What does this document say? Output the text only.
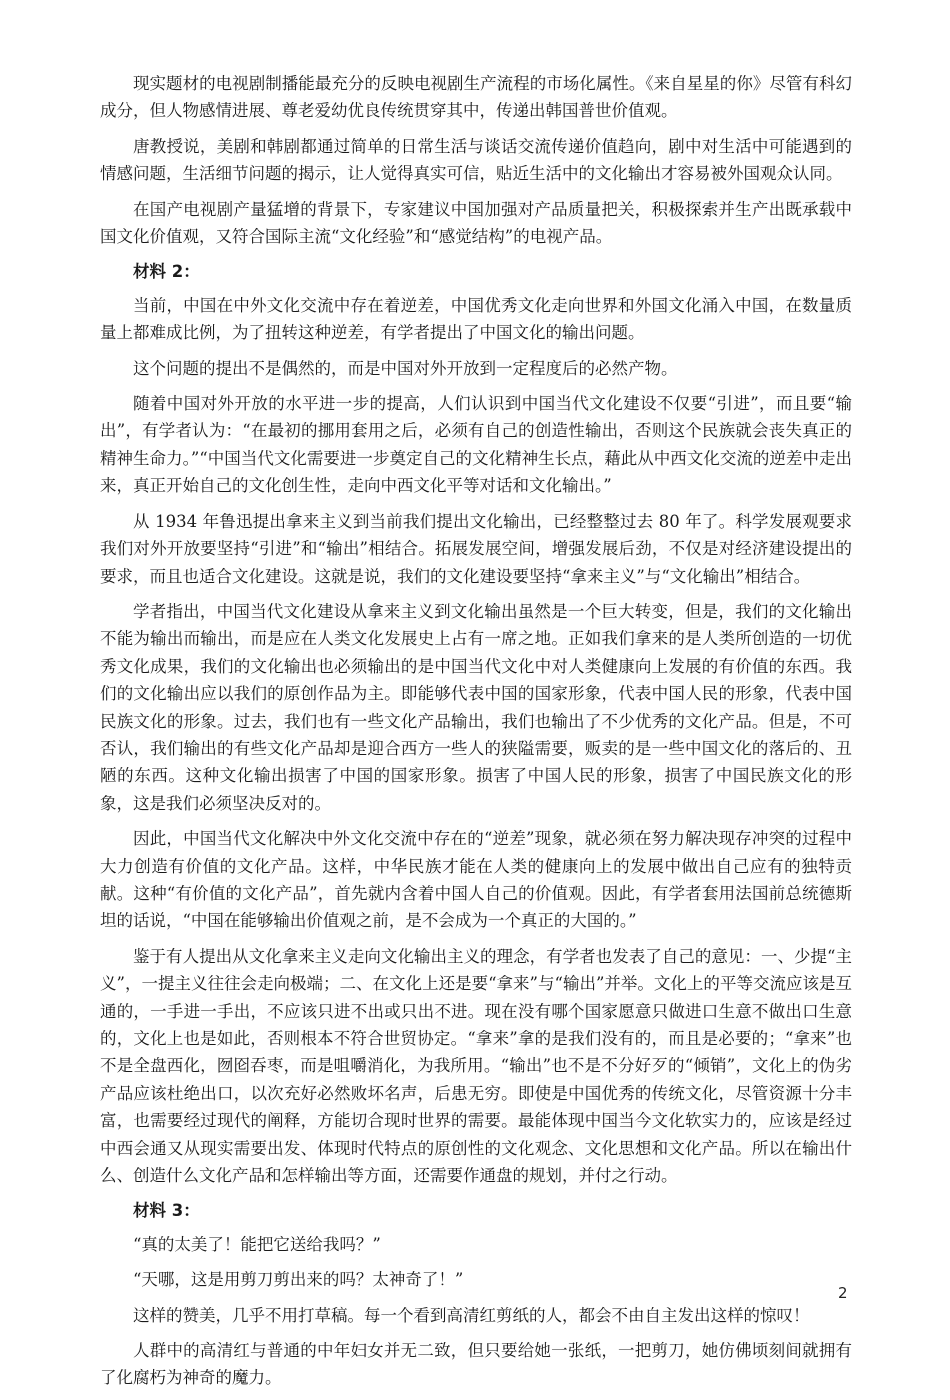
现实题材的电视剧制播能最充分的反映电视剧生产流程的市场化属性。《来自星星的你》尽管有科幻成分，但人物感情进展、尊老爱幼优良传统贯穿其中，传递出韩国普世价值观。

唐教授说，美剧和韩剧都通过简单的日常生活与谈话交流传递价值趋向，剧中对生活中可能遇到的情感问题，生活细节问题的揭示，让人觉得真实可信，贴近生活中的文化输出才容易被外国观众认同。

在国产电视剧产量猛增的背景下，专家建议中国加强对产品质量把关，积极探索并生产出既承载中国文化价值观，又符合国际主流“文化经验”和“感觉结构”的电视产品。

材料 2：

当前，中国在中外文化交流中存在着逆差，中国优秀文化走向世界和外国文化涌入中国，在数量质量上都难成比例，为了扭转这种逆差，有学者提出了中国文化的输出问题。

这个问题的提出不是偶然的，而是中国对外开放到一定程度后的必然产物。

随着中国对外开放的水平进一步的提高，人们认识到中国当代文化建设不仅要“引进”，而且要“输出”，有学者认为：“在最初的挪用套用之后，必须有自己的创造性输出，否则这个民族就会丧失真正的精神生命力。”“中国当代文化需要进一步奠定自己的文化精神生长点，藉此从中西文化交流的逆差中走出来，真正开始自己的文化创生性，走向中西文化平等对话和文化输出。”

从 1934 年鲁迅提出拿来主义到当前我们提出文化输出，已经整整过去 80 年了。科学发展观要求我们对外开放要坚持“引进”和“输出”相结合。拓展发展空间，增强发展后劲，不仅是对经济建设提出的要求，而且也适合文化建设。这就是说，我们的文化建设要坚持“拿来主义”与“文化输出”相结合。

学者指出，中国当代文化建设从拿来主义到文化输出虽然是一个巨大转变，但是，我们的文化输出不能为输出而输出，而是应在人类文化发展史上占有一席之地。正如我们拿来的是人类所创造的一切优秀文化成果，我们的文化输出也必须输出的是中国当代文化中对人类健康向上发展的有价值的东西。我们的文化输出应以我们的原创作品为主。即能够代表中国的国家形象，代表中国人民的形象，代表中国民族文化的形象。过去，我们也有一些文化产品输出，我们也输出了不少优秀的文化产品。但是，不可否认，我们输出的有些文化产品却是迎合西方一些人的狭隘需要，贩卖的是一些中国文化的落后的、丑陋的东西。这种文化输出损害了中国的国家形象。损害了中国人民的形象，损害了中国民族文化的形象，这是我们必须坚决反对的。

因此，中国当代文化解决中外文化交流中存在的“逆差”现象，就必须在努力解决现存冲突的过程中大力创造有价值的文化产品。这样，中华民族才能在人类的健康向上的发展中做出自己应有的独特贡献。这种“有价值的文化产品”，首先就内含着中国人自己的价值观。因此，有学者套用法国前总统德斯坦的话说，“中国在能够输出价值观之前，是不会成为一个真正的大国的。”

鉴于有人提出从文化拿来主义走向文化输出主义的理念，有学者也发表了自己的意见：一、少提“主义”，一提主义往往会走向极端；二、在文化上还是要“拿来”与“输出”并举。文化上的平等交流应该是互通的，一手进一手出，不应该只进不出或只出不进。现在没有哪个国家愿意只做进口生意不做出口生意的，文化上也是如此，否则根本不符合世贸协定。“拿来”拿的是我们没有的，而且是必要的；“拿来”也不是全盘西化，囫囵吞枣，而是咀嚼消化，为我所用。“输出”也不是不分好歹的“倾销”，文化上的伪劣产品应该杜绝出口，以次充好必然败坏名声，后患无穷。即使是中国优秀的传统文化，尽管资源十分丰富，也需要经过现代的阐释，方能切合现时世界的需要。最能体现中国当今文化软实力的，应该是经过中西会通又从现实需要出发、体现时代特点的原创性的文化观念、文化思想和文化产品。所以在输出什么、创造什么文化产品和怎样输出等方面，还需要作通盘的规划，并付之行动。

材料 3：

“真的太美了！能把它送给我吗？”

“天哪，这是用剪刀剪出来的吗？太神奇了！”

这样的赞美，几乎不用打草稿。每一个看到高清红剪纸的人，都会不由自主发出这样的惊叹！

人群中的高清红与普通的中年妇女并无二致，但只要给她一张纸，一把剪刀，她仿佛顷刻间就拥有了化腐朽为神奇的魔力。

2
